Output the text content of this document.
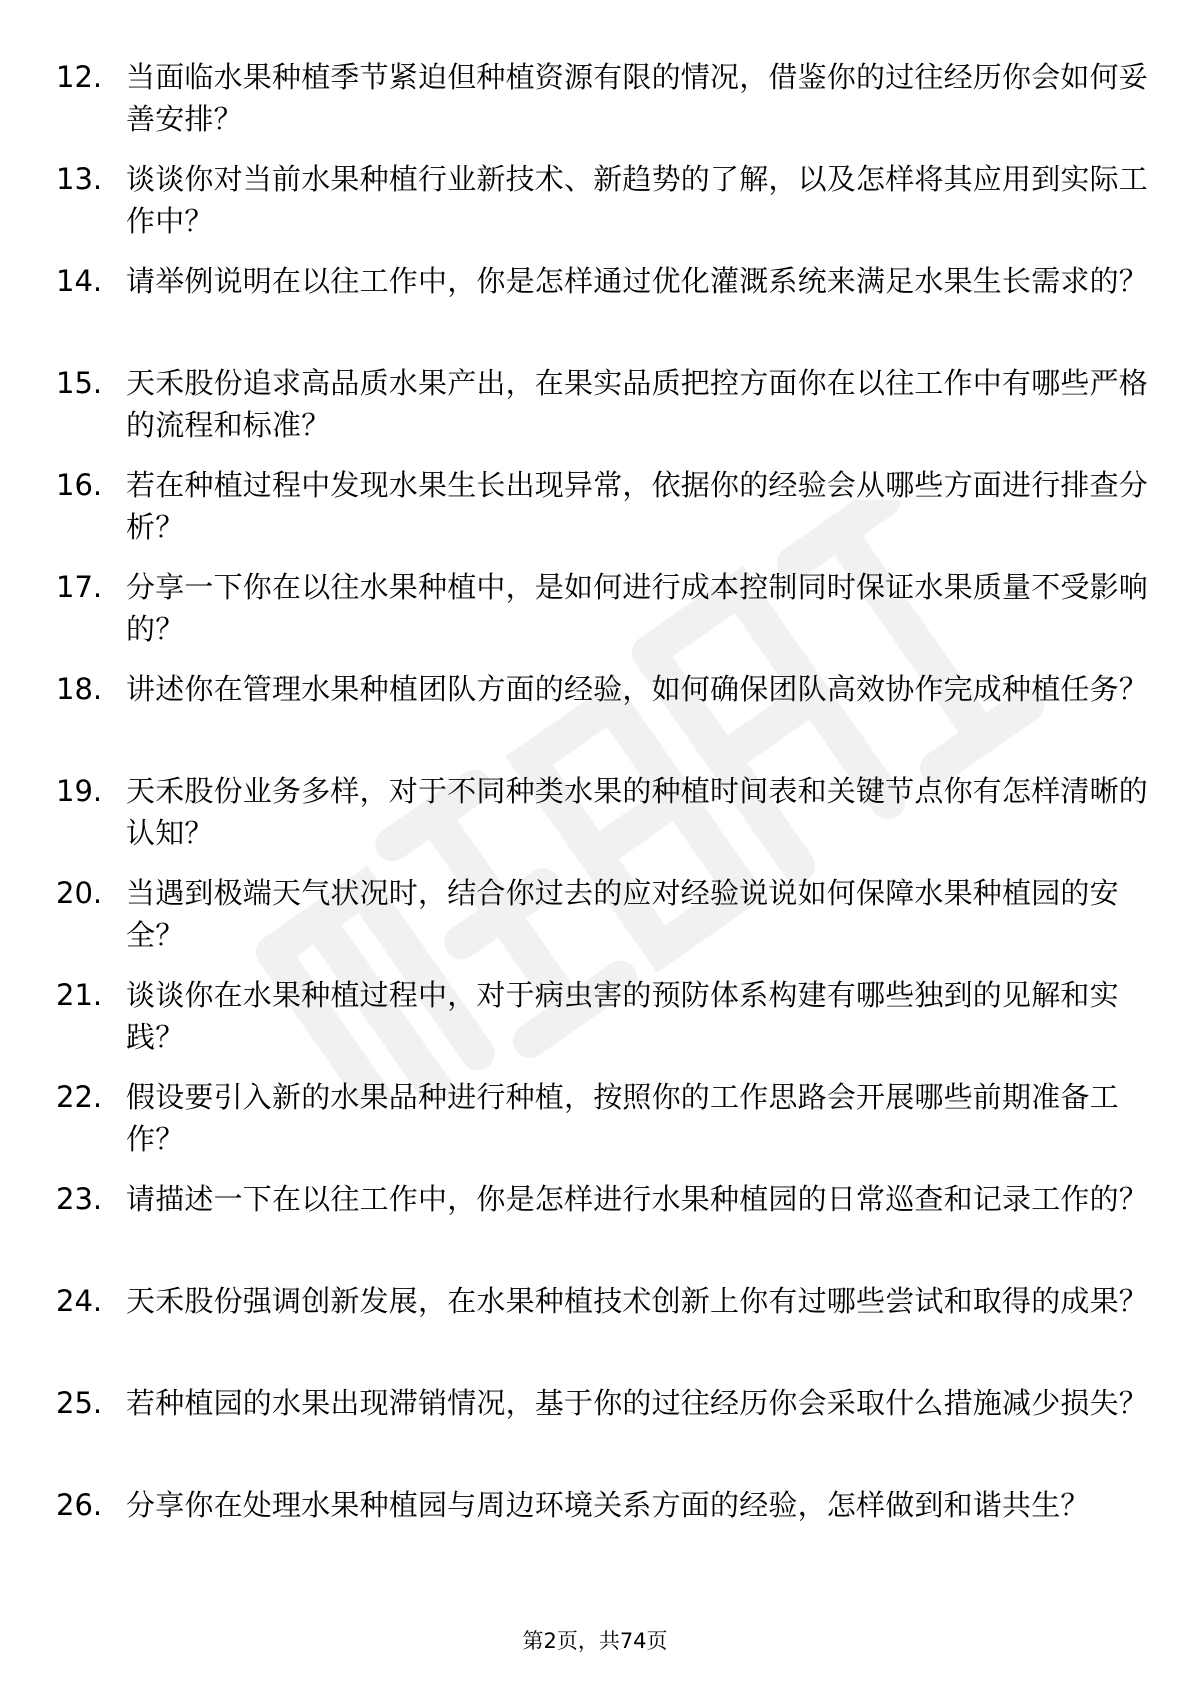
12. 当面临水果种植季节紧迫但种植资源有限的情况，借鉴你的过往经历你会如何妥善安排？
13. 谈谈你对当前水果种植行业新技术、新趋势的了解，以及怎样将其应用到实际工作中？
14. 请举例说明在以往工作中，你是怎样通过优化灌溉系统来满足水果生长需求的？
15. 天禾股份追求高品质水果产出，在果实品质把控方面你在以往工作中有哪些严格的流程和标准？
16. 若在种植过程中发现水果生长出现异常，依据你的经验会从哪些方面进行排查分析？
17. 分享一下你在以往水果种植中，是如何进行成本控制同时保证水果质量不受影响的？
18. 讲述你在管理水果种植团队方面的经验，如何确保团队高效协作完成种植任务？
19. 天禾股份业务多样，对于不同种类水果的种植时间表和关键节点你有怎样清晰的认知？
20. 当遇到极端天气状况时，结合你过去的应对经验说说如何保障水果种植园的安全？
21. 谈谈你在水果种植过程中，对于病虫害的预防体系构建有哪些独到的见解和实践？
22. 假设要引入新的水果品种进行种植，按照你的工作思路会开展哪些前期准备工作？
23. 请描述一下在以往工作中，你是怎样进行水果种植园的日常巡查和记录工作的？
24. 天禾股份强调创新发展，在水果种植技术创新上你有过哪些尝试和取得的成果？
25. 若种植园的水果出现滞销情况，基于你的过往经历你会采取什么措施减少损失？
26. 分享你在处理水果种植园与周边环境关系方面的经验，怎样做到和谐共生？
第2页，共74页
